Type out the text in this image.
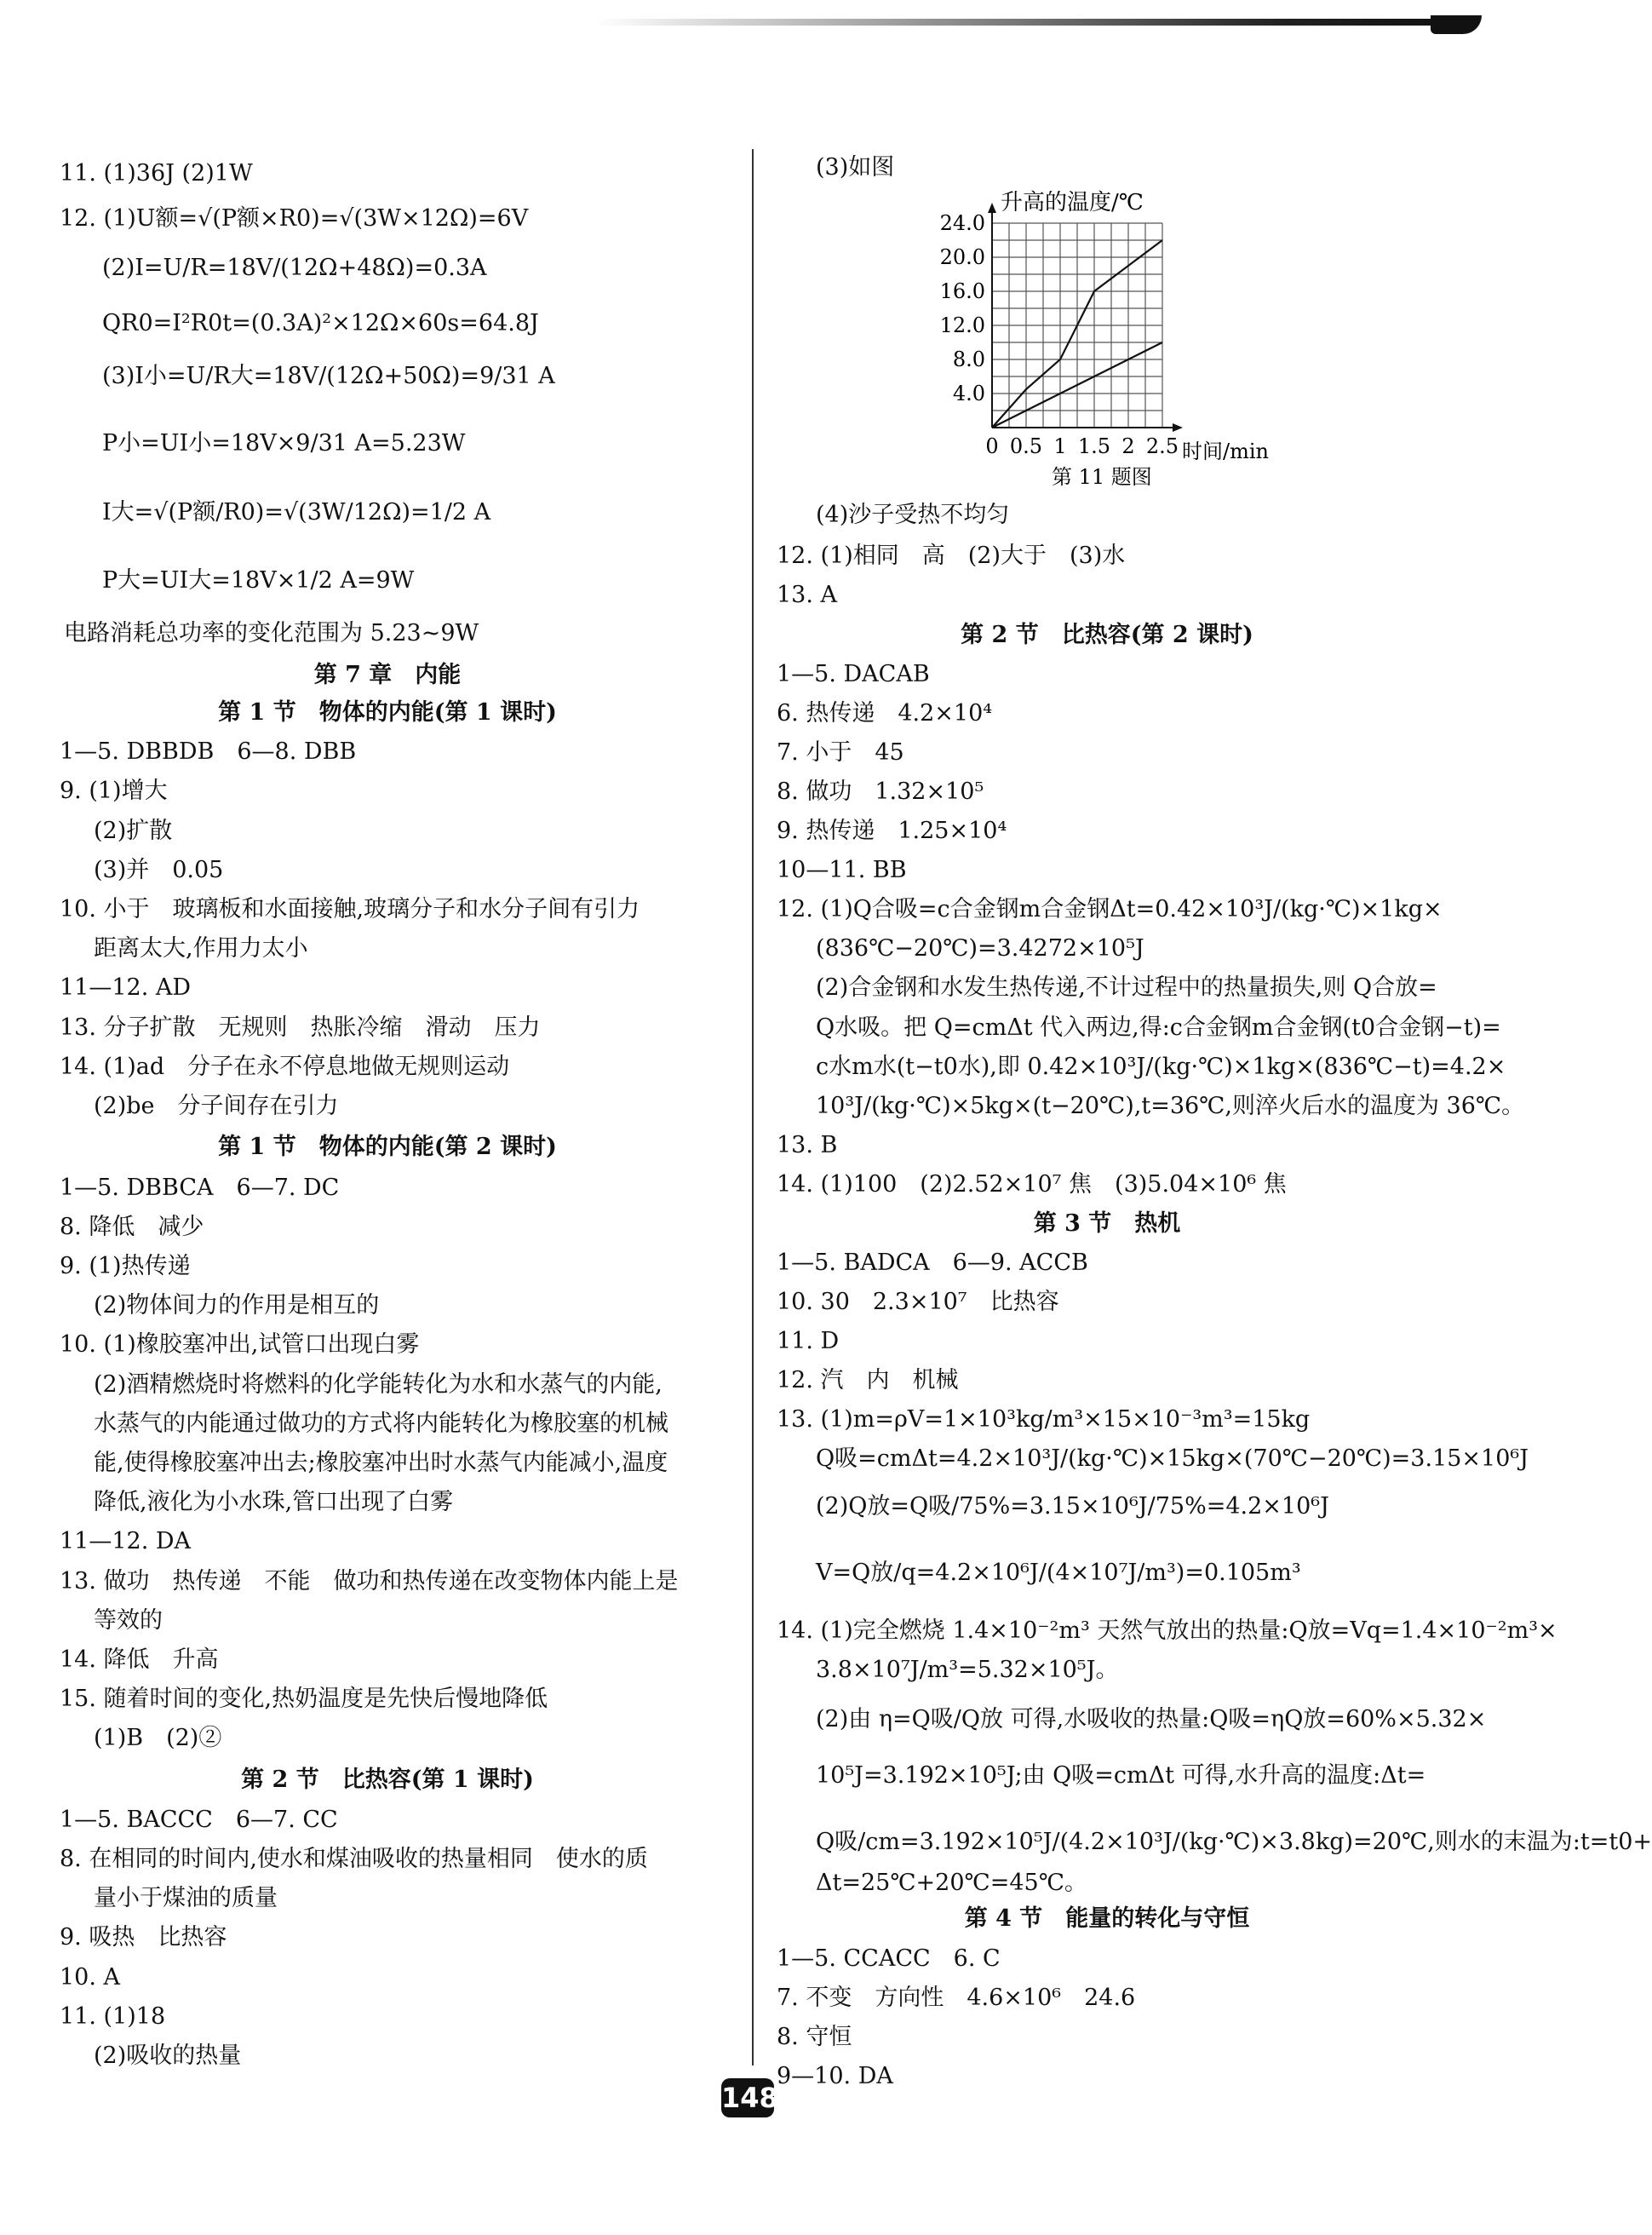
11. (1)36J (2)1W
12. (1)U额=√(P额×R0)=√(3W×12Ω)=6V
(2)I=U/R=18V/(12Ω+48Ω)=0.3A
QR0=I²R0t=(0.3A)²×12Ω×60s=64.8J
(3)I小=U/R大=18V/(12Ω+50Ω)=9/31 A
P小=UI小=18V×9/31 A=5.23W
I大=√(P额/R0)=√(3W/12Ω)=1/2 A
P大=UI大=18V×1/2 A=9W
电路消耗总功率的变化范围为 5.23~9W
第 7 章　内能
第 1 节　物体的内能(第 1 课时)
1—5. DBBDB　6—8. DBB
9. (1)增大
(2)扩散
(3)并　0.05
10. 小于　玻璃板和水面接触,玻璃分子和水分子间有引力
距离太大,作用力太小
11—12. AD
13. 分子扩散　无规则　热胀冷缩　滑动　压力
14. (1)ad　分子在永不停息地做无规则运动
(2)be　分子间存在引力
第 1 节　物体的内能(第 2 课时)
1—5. DBBCA　6—7. DC
8. 降低　减少
9. (1)热传递
(2)物体间力的作用是相互的
10. (1)橡胶塞冲出,试管口出现白雾
(2)酒精燃烧时将燃料的化学能转化为水和水蒸气的内能,
水蒸气的内能通过做功的方式将内能转化为橡胶塞的机械
能,使得橡胶塞冲出去;橡胶塞冲出时水蒸气内能减小,温度
降低,液化为小水珠,管口出现了白雾
11—12. DA
13. 做功　热传递　不能　做功和热传递在改变物体内能上是
等效的
14. 降低　升高
15. 随着时间的变化,热奶温度是先快后慢地降低
(1)B　(2)②
第 2 节　比热容(第 1 课时)
1—5. BACCC　6—7. CC
8. 在相同的时间内,使水和煤油吸收的热量相同　使水的质
量小于煤油的质量
9. 吸热　比热容
10. A
11. (1)18
(2)吸收的热量
(3)如图
0 0.5 1 1.5 2 2.5
4.0
8.0
12.0
16.0
20.0
24.0
升高的温度/℃
时间/min
第 11 题图
(4)沙子受热不均匀
12. (1)相同　高　(2)大于　(3)水
13. A
第 2 节　比热容(第 2 课时)
1—5. DACAB
6. 热传递　4.2×10⁴
7. 小于　45
8. 做功　1.32×10⁵
9. 热传递　1.25×10⁴
10—11. BB
12. (1)Q合吸=c合金钢m合金钢Δt=0.42×10³J/(kg·℃)×1kg×
(836℃−20℃)=3.4272×10⁵J
(2)合金钢和水发生热传递,不计过程中的热量损失,则 Q合放=
Q水吸。把 Q=cmΔt 代入两边,得:c合金钢m合金钢(t0合金钢−t)=
c水m水(t−t0水),即 0.42×10³J/(kg·℃)×1kg×(836℃−t)=4.2×
10³J/(kg·℃)×5kg×(t−20℃),t=36℃,则淬火后水的温度为 36℃。
13. B
14. (1)100　(2)2.52×10⁷ 焦　(3)5.04×10⁶ 焦
第 3 节　热机
1—5. BADCA　6—9. ACCB
10. 30　2.3×10⁷　比热容
11. D
12. 汽　内　机械
13. (1)m=ρV=1×10³kg/m³×15×10⁻³m³=15kg
Q吸=cmΔt=4.2×10³J/(kg·℃)×15kg×(70℃−20℃)=3.15×10⁶J
(2)Q放=Q吸/75%=3.15×10⁶J/75%=4.2×10⁶J
V=Q放/q=4.2×10⁶J/(4×10⁷J/m³)=0.105m³
14. (1)完全燃烧 1.4×10⁻²m³ 天然气放出的热量:Q放=Vq=1.4×10⁻²m³×
3.8×10⁷J/m³=5.32×10⁵J。
(2)由 η=Q吸/Q放 可得,水吸收的热量:Q吸=ηQ放=60%×5.32×
10⁵J=3.192×10⁵J;由 Q吸=cmΔt 可得,水升高的温度:Δt=
Q吸/cm=3.192×10⁵J/(4.2×10³J/(kg·℃)×3.8kg)=20℃,则水的末温为:t=t0+
Δt=25℃+20℃=45℃。
第 4 节　能量的转化与守恒
1—5. CCACC　6. C
7. 不变　方向性　4.6×10⁶　24.6
8. 守恒
9—10. DA
148
